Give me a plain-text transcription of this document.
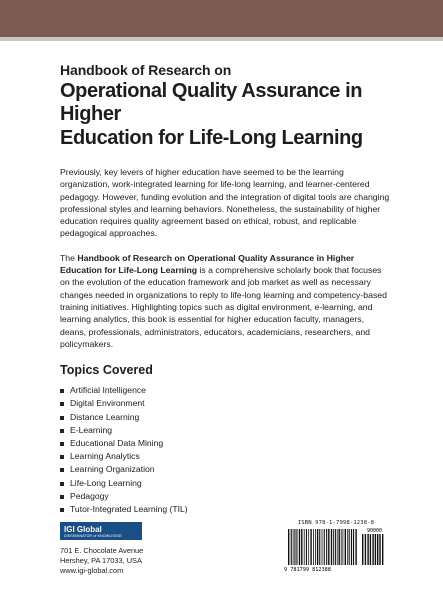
Handbook of Research on
Operational Quality Assurance in Higher
Education for Life-Long Learning

Previously, key levers of higher education have seemed to be the learning organization, work-integrated learning for life-long learning, and learner-centered pedagogy. However, funding evolution and the integration of digital tools are changing professional styles and learning behaviors. Nonetheless, the sustainability of higher education requires quality agreement based on ethical, robust, and replicable pedagogical approaches.

The Handbook of Research on Operational Quality Assurance in Higher Education for Life-Long Learning is a comprehensive scholarly book that focuses on the evolution of the education framework and job market as well as necessary changes needed in organizations to reply to life-long learning and competency-based training initiatives. Highlighting topics such as digital environment, e-learning, and learning analytics, this book is essential for higher education faculty, managers, deans, professionals, administrators, educators, academicians, researchers, and policymakers.

Topics Covered
Artificial Intelligence
Digital Environment
Distance Learning
E-Learning
Educational Data Mining
Learning Analytics
Learning Organization
Life-Long Learning
Pedagogy
Tutor-Integrated Learning (TIL)
IGI Global
DISSEMINATOR of KNOWLEDGE
701 E. Chocolate Avenue
Hershey, PA 17033, USA
www.igi-global.com
ISBN 978-1-7998-1238-8
90000
9 781799 812388
